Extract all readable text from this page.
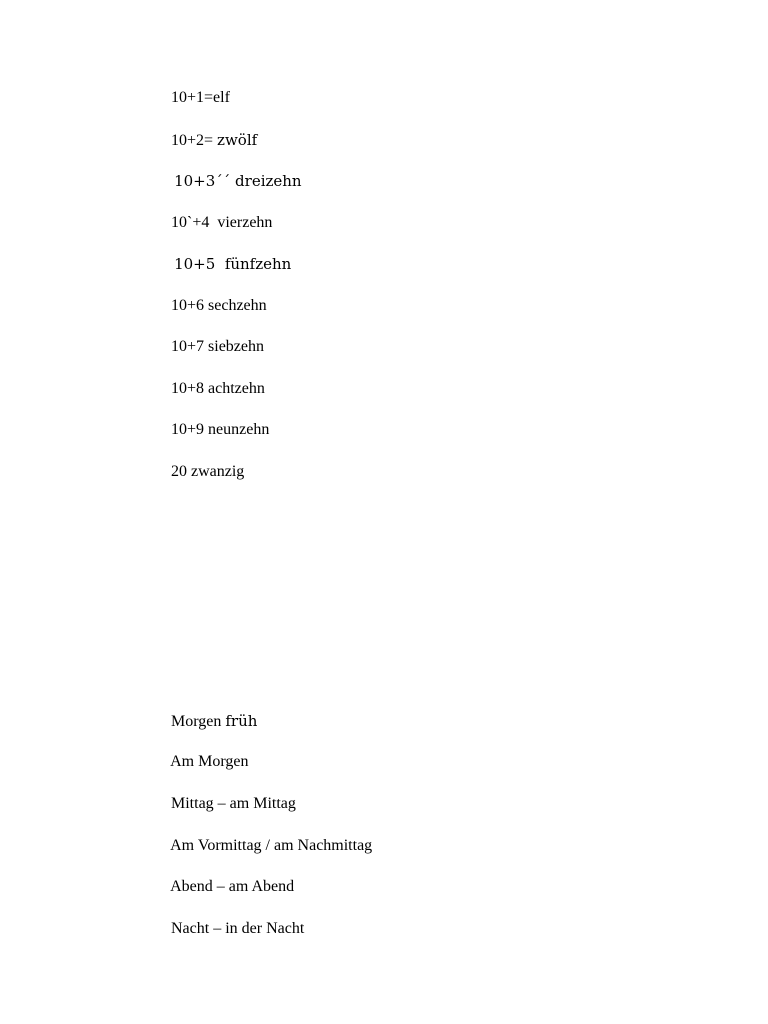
10+1=elf

10+2= zwölf

10+3´´ dreizehn

10`+4  vierzehn

10+5  fünfzehn

10+6 sechzehn

10+7 siebzehn

10+8 achtzehn

10+9 neunzehn

20 zwanzig

Morgen früh

Am Morgen

Mittag – am Mittag

Am Vormittag / am Nachmittag

Abend – am Abend

Nacht – in der Nacht
